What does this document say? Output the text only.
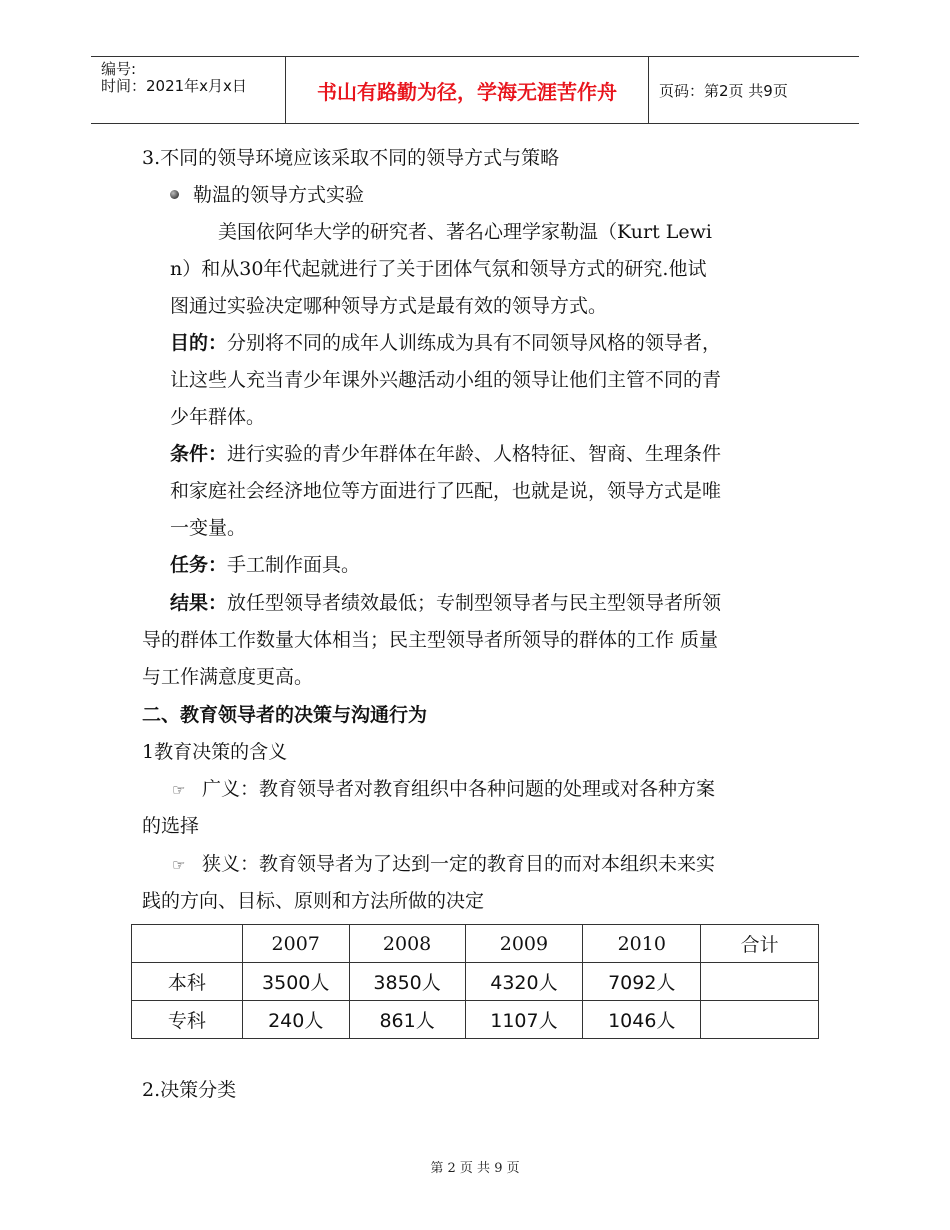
编号:
时间：2021年x月x日	书山有路勤为径，学海无涯苦作舟	页码：第2页 共9页
3.不同的领导环境应该采取不同的领导方式与策略
勒温的领导方式实验
美国依阿华大学的研究者、著名心理学家勒温（Kurt Lewi
n）和从30年代起就进行了关于团体气氛和领导方式的研究.他试
图通过实验决定哪种领导方式是最有效的领导方式。
目的：分别将不同的成年人训练成为具有不同领导风格的领导者，
让这些人充当青少年课外兴趣活动小组的领导让他们主管不同的青
少年群体。
条件：进行实验的青少年群体在年龄、人格特征、智商、生理条件
和家庭社会经济地位等方面进行了匹配，也就是说，领导方式是唯
一变量。
任务：手工制作面具。
结果：放任型领导者绩效最低；专制型领导者与民主型领导者所领
导的群体工作数量大体相当；民主型领导者所领导的群体的工作 质量
与工作满意度更高。
二、教育领导者的决策与沟通行为
1教育决策的含义
☞ 广义：教育领导者对教育组织中各种问题的处理或对各种方案
的选择
☞ 狭义：教育领导者为了达到一定的教育目的而对本组织未来实
践的方向、目标、原则和方法所做的决定
	2007	2008	2009	2010	合计
本科	3500人	3850人	4320人	7092人	
专科	240人	861人	1107人	1046人	
2.决策分类
第 2 页 共 9 页
